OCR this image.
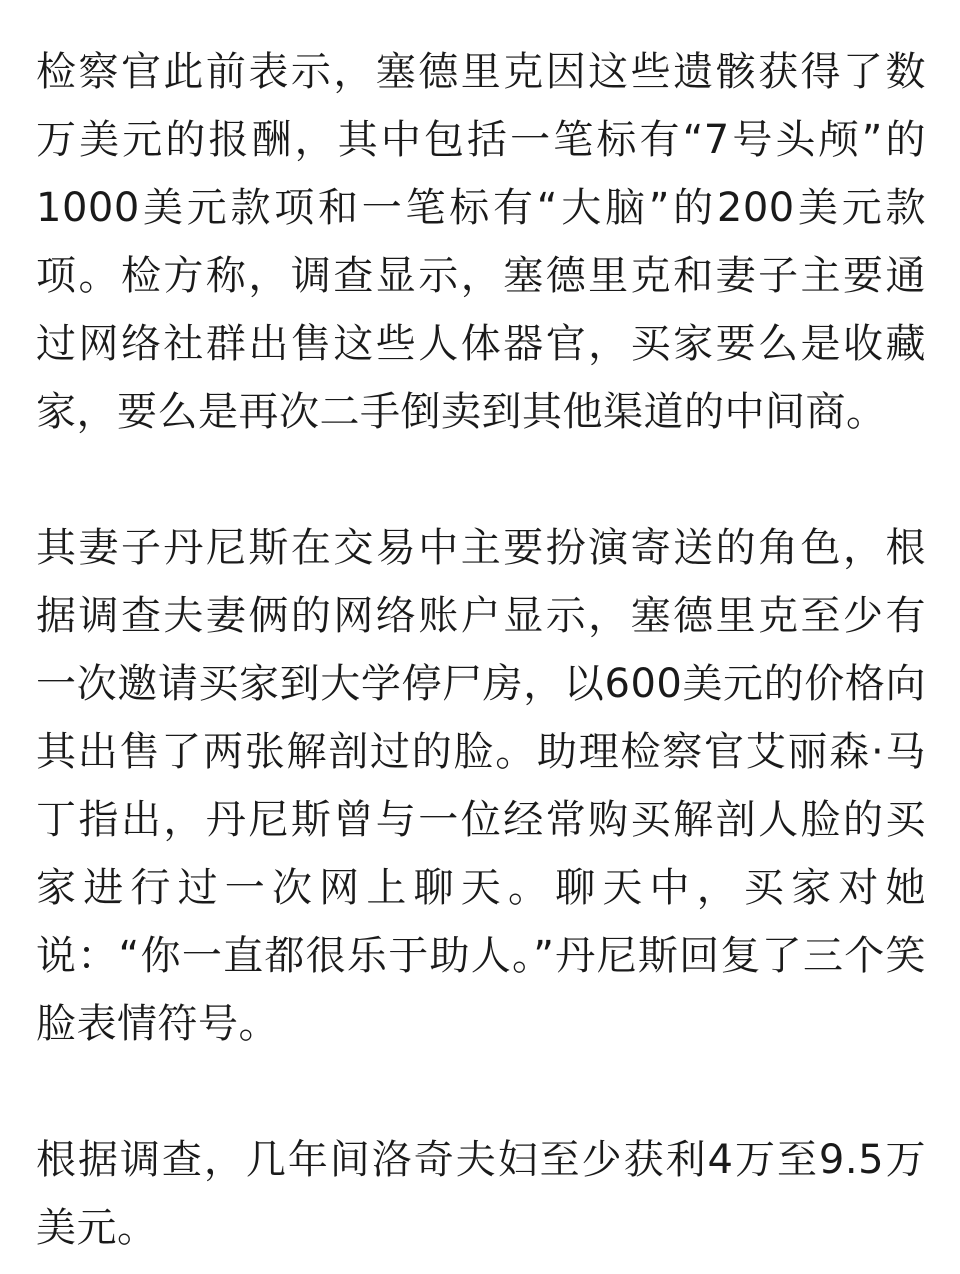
检察官此前表示，塞德里克因这些遗骸获得了数万美元的报酬，其中包括一笔标有“7号头颅”的1000美元款项和一笔标有“大脑”的200美元款项。检方称，调查显示，塞德里克和妻子主要通过网络社群出售这些人体器官，买家要么是收藏家，要么是再次二手倒卖到其他渠道的中间商。

其妻子丹尼斯在交易中主要扮演寄送的角色，根据调查夫妻俩的网络账户显示，塞德里克至少有一次邀请买家到大学停尸房，以600美元的价格向其出售了两张解剖过的脸。助理检察官艾丽森·马丁指出，丹尼斯曾与一位经常购买解剖人脸的买家进行过一次网上聊天。聊天中，买家对她说：“你一直都很乐于助人。”丹尼斯回复了三个笑脸表情符号。

根据调查，几年间洛奇夫妇至少获利4万至9.5万美元。
